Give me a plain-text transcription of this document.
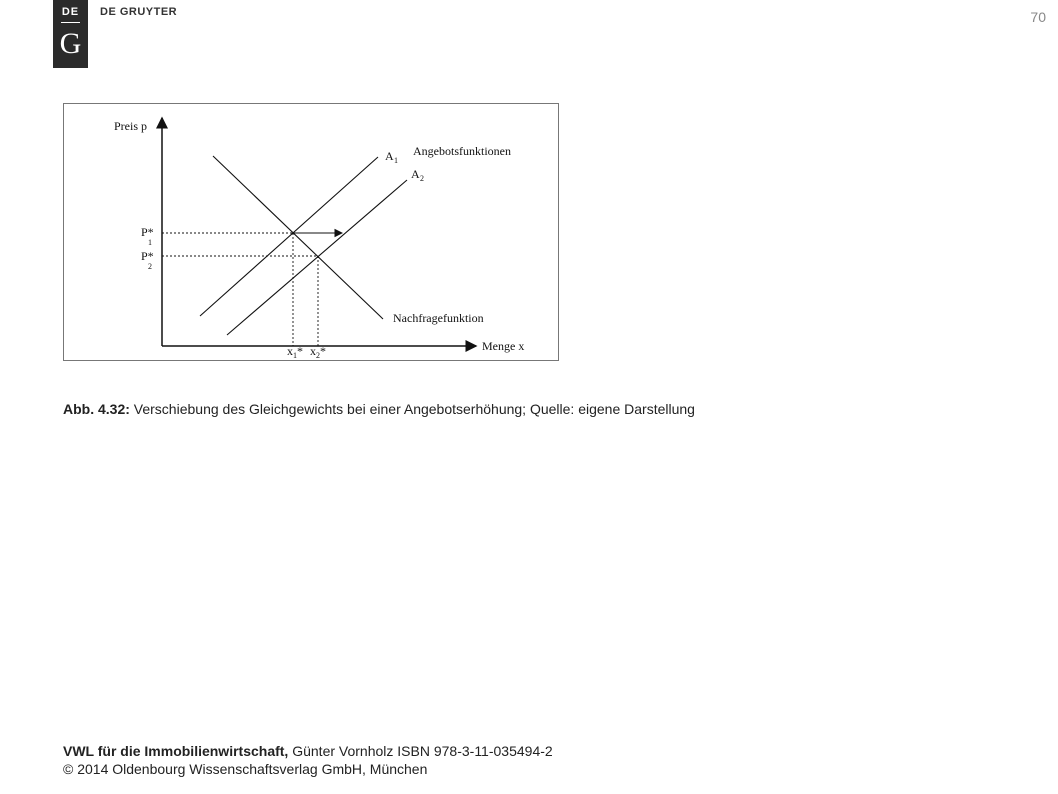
DE
G
DE GRUYTER	70
Preis p
Menge x
Angebotsfunktionen
Nachfragefunktion
A 1
A 2
P*
1
P*
2
x 1 * x 2 *
Abb. 4.32: Verschiebung des Gleichgewichts bei einer Angebotserhöhung; Quelle: eigene Darstellung
VWL für die Immobilienwirtschaft, Günter Vornholz ISBN 978-3-11-035494-2
© 2014 Oldenbourg Wissenschaftsverlag GmbH, München
